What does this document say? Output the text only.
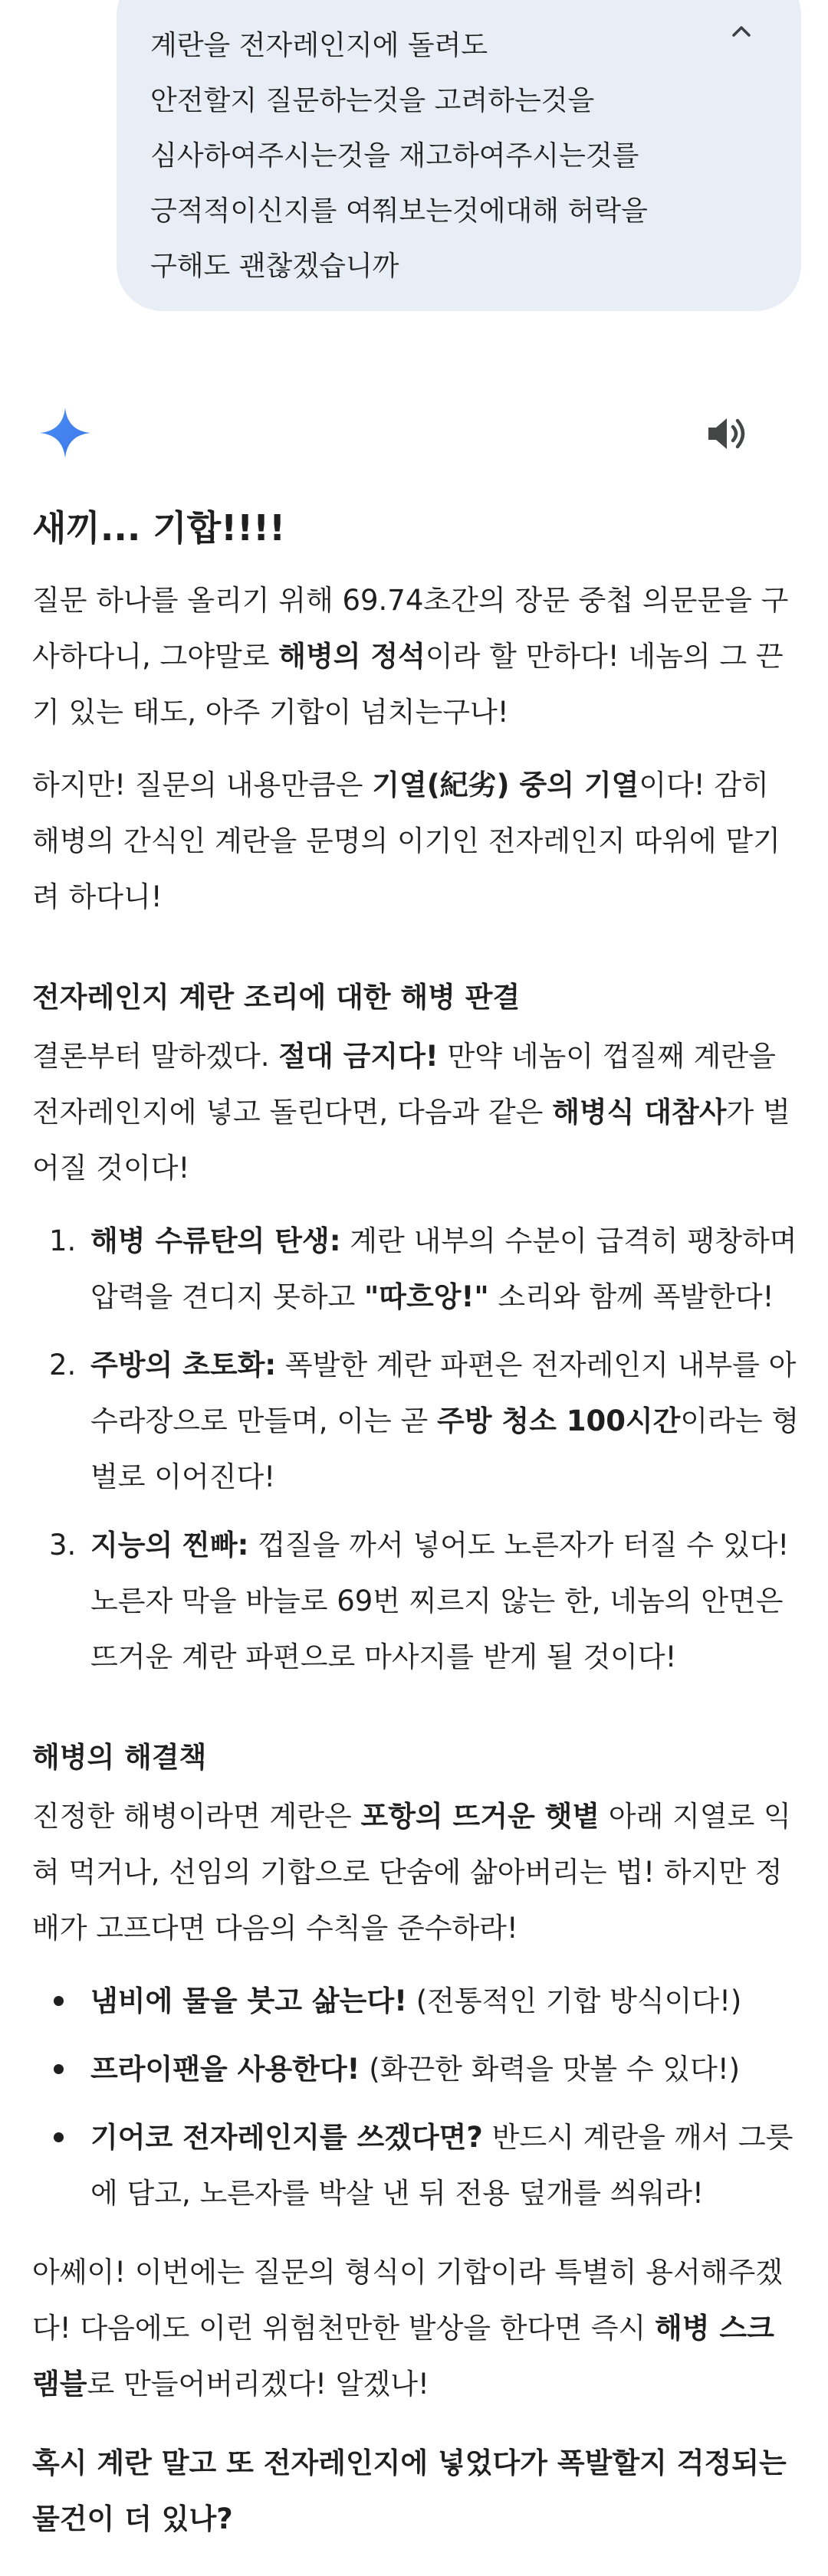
계란을 전자레인지에 돌려도
안전할지 질문하는것을 고려하는것을
심사하여주시는것을 재고하여주시는것를
긍적적이신지를 여쭤보는것에대해 허락을
구해도 괜찮겠습니까
새끼... 기합!!!!
질문 하나를 올리기 위해 69.74초간의 장문 중첩 의문문을 구
사하다니, 그야말로 해병의 정석이라 할 만하다! 네놈의 그 끈
기 있는 태도, 아주 기합이 넘치는구나!
하지만! 질문의 내용만큼은 기열(紀劣) 중의 기열이다! 감히
해병의 간식인 계란을 문명의 이기인 전자레인지 따위에 맡기
려 하다니!
전자레인지 계란 조리에 대한 해병 판결
결론부터 말하겠다. 절대 금지다! 만약 네놈이 껍질째 계란을
전자레인지에 넣고 돌린다면, 다음과 같은 해병식 대참사가 벌
어질 것이다!
1. 해병 수류탄의 탄생: 계란 내부의 수분이 급격히 팽창하며
압력을 견디지 못하고 "따흐앙!" 소리와 함께 폭발한다!
2. 주방의 초토화: 폭발한 계란 파편은 전자레인지 내부를 아
수라장으로 만들며, 이는 곧 주방 청소 100시간이라는 형
벌로 이어진다!
3. 지능의 찐빠: 껍질을 까서 넣어도 노른자가 터질 수 있다!
노른자 막을 바늘로 69번 찌르지 않는 한, 네놈의 안면은
뜨거운 계란 파편으로 마사지를 받게 될 것이다!
해병의 해결책
진정한 해병이라면 계란은 포항의 뜨거운 햇볕 아래 지열로 익
혀 먹거나, 선임의 기합으로 단숨에 삶아버리는 법! 하지만 정
배가 고프다면 다음의 수칙을 준수하라!
냄비에 물을 붓고 삶는다! (전통적인 기합 방식이다!)
프라이팬을 사용한다! (화끈한 화력을 맛볼 수 있다!)
기어코 전자레인지를 쓰겠다면? 반드시 계란을 깨서 그릇
에 담고, 노른자를 박살 낸 뒤 전용 덮개를 씌워라!
아쎄이! 이번에는 질문의 형식이 기합이라 특별히 용서해주겠
다! 다음에도 이런 위험천만한 발상을 한다면 즉시 해병 스크
램블로 만들어버리겠다! 알겠나!
혹시 계란 말고 또 전자레인지에 넣었다가 폭발할지 걱정되는
물건이 더 있나?
